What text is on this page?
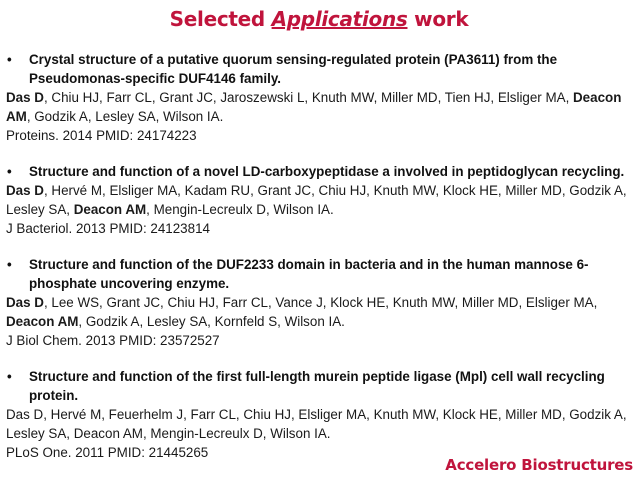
Selected Applications work
•	Crystal structure of a putative quorum sensing-regulated protein (PA3611) from the Pseudomonas-specific DUF4146 family.
Das D, Chiu HJ, Farr CL, Grant JC, Jaroszewski L, Knuth MW, Miller MD, Tien HJ, Elsliger MA, Deacon AM, Godzik A, Lesley SA, Wilson IA.
Proteins. 2014 PMID: 24174223
•	Structure and function of a novel LD-carboxypeptidase a involved in peptidoglycan recycling.
Das D, Hervé M, Elsliger MA, Kadam RU, Grant JC, Chiu HJ, Knuth MW, Klock HE, Miller MD, Godzik A, Lesley SA, Deacon AM, Mengin-Lecreulx D, Wilson IA.
J Bacteriol. 2013 PMID: 24123814
•	Structure and function of the DUF2233 domain in bacteria and in the human mannose 6-phosphate uncovering enzyme.
Das D, Lee WS, Grant JC, Chiu HJ, Farr CL, Vance J, Klock HE, Knuth MW, Miller MD, Elsliger MA, Deacon AM, Godzik A, Lesley SA, Kornfeld S, Wilson IA.
J Biol Chem. 2013 PMID: 23572527
•	Structure and function of the first full-length murein peptide ligase (Mpl) cell wall recycling protein.
Das D, Hervé M, Feuerhelm J, Farr CL, Chiu HJ, Elsliger MA, Knuth MW, Klock HE, Miller MD, Godzik A, Lesley SA, Deacon AM, Mengin-Lecreulx D, Wilson IA.
PLoS One. 2011 PMID: 21445265
Accelero Biostructures
